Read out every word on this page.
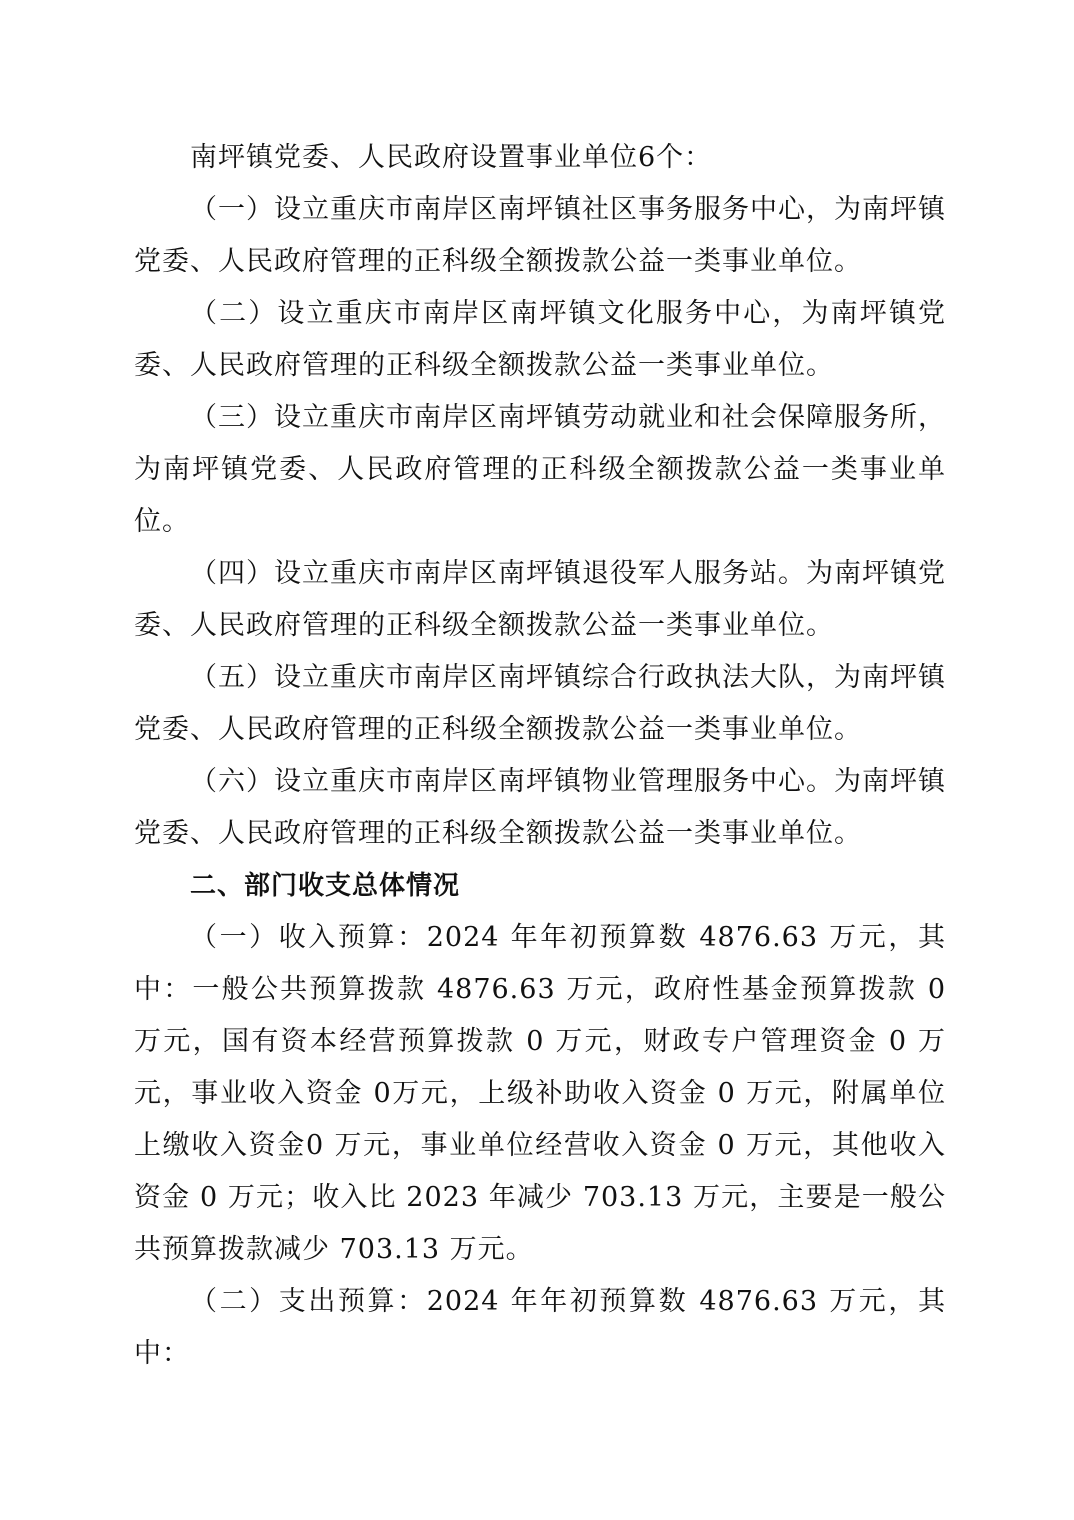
南坪镇党委、人民政府设置事业单位6个：

（一）设立重庆市南岸区南坪镇社区事务服务中心，为南坪镇党委、人民政府管理的正科级全额拨款公益一类事业单位。

（二）设立重庆市南岸区南坪镇文化服务中心，为南坪镇党委、人民政府管理的正科级全额拨款公益一类事业单位。

（三）设立重庆市南岸区南坪镇劳动就业和社会保障服务所，为南坪镇党委、人民政府管理的正科级全额拨款公益一类事业单位。

（四）设立重庆市南岸区南坪镇退役军人服务站。为南坪镇党委、人民政府管理的正科级全额拨款公益一类事业单位。

（五）设立重庆市南岸区南坪镇综合行政执法大队，为南坪镇党委、人民政府管理的正科级全额拨款公益一类事业单位。

（六）设立重庆市南岸区南坪镇物业管理服务中心。为南坪镇党委、人民政府管理的正科级全额拨款公益一类事业单位。

二、部门收支总体情况

（一）收入预算：2024 年年初预算数 4876.63 万元，其中：一般公共预算拨款 4876.63 万元，政府性基金预算拨款 0 万元，国有资本经营预算拨款 0 万元，财政专户管理资金 0 万元，事业收入资金 0万元，上级补助收入资金 0 万元，附属单位上缴收入资金0 万元，事业单位经营收入资金 0 万元，其他收入资金 0 万元；收入比 2023 年减少 703.13 万元，主要是一般公共预算拨款减少 703.13 万元。

（二）支出预算：2024 年年初预算数 4876.63 万元，其中：
